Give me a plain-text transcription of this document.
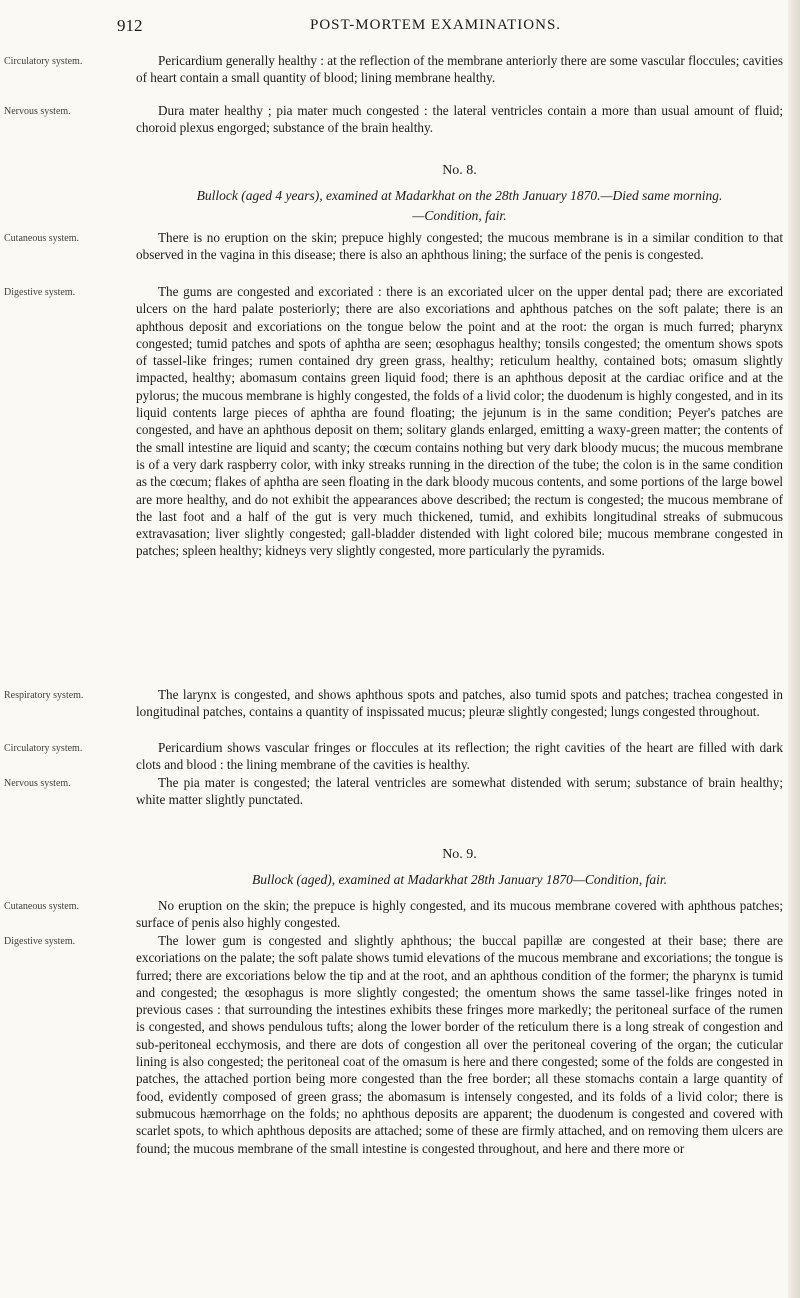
912	POST-MORTEM EXAMINATIONS.
Circulatory system.	Pericardium generally healthy : at the reflection of the membrane anteriorly there are some vascular floccules; cavities of heart contain a small quantity of blood; lining membrane healthy.

Nervous system.	Dura mater healthy ; pia mater much congested : the lateral ventricles contain a more than usual amount of fluid; choroid plexus engorged; substance of the brain healthy.

No. 8.
Bullock (aged 4 years), examined at Madarkhat on the 28th January 1870.—Died same morning.
—Condition, fair.
Cutaneous system.	There is no eruption on the skin; prepuce highly congested; the mucous membrane is in a similar condition to that observed in the vagina in this disease; there is also an aphthous lining; the surface of the penis is congested.

Digestive system.	The gums are congested and excoriated : there is an excoriated ulcer on the upper dental pad; there are excoriated ulcers on the hard palate posteriorly; there are also excoriations and aphthous patches on the soft palate; there is an aphthous deposit and excoriations on the tongue below the point and at the root: the organ is much furred; pharynx congested; tumid patches and spots of aphtha are seen; œsophagus healthy; tonsils congested; the omentum shows spots of tassel-like fringes; rumen contained dry green grass, healthy; reticulum healthy, contained bots; omasum slightly impacted, healthy; abomasum contains green liquid food; there is an aphthous deposit at the cardiac orifice and at the pylorus; the mucous membrane is highly congested, the folds of a livid color; the duodenum is highly congested, and in its liquid contents large pieces of aphtha are found floating; the jejunum is in the same condition; Peyer's patches are congested, and have an aphthous deposit on them; solitary glands enlarged, emitting a waxy-green matter; the contents of the small intestine are liquid and scanty; the cœcum contains nothing but very dark bloody mucus; the mucous membrane is of a very dark raspberry color, with inky streaks running in the direction of the tube; the colon is in the same condition as the cœcum; flakes of aphtha are seen floating in the dark bloody mucous contents, and some portions of the large bowel are more healthy, and do not exhibit the appearances above described; the rectum is congested; the mucous membrane of the last foot and a half of the gut is very much thickened, tumid, and exhibits longitudinal streaks of submucous extravasation; liver slightly congested; gall-bladder distended with light colored bile; mucous membrane congested in patches; spleen healthy; kidneys very slightly congested, more particularly the pyramids.

Respiratory system.	The larynx is congested, and shows aphthous spots and patches, also tumid spots and patches; trachea congested in longitudinal patches, contains a quantity of inspissated mucus; pleuræ slightly congested; lungs congested throughout.

Circulatory system.	Pericardium shows vascular fringes or floccules at its reflection; the right cavities of the heart are filled with dark clots and blood : the lining membrane of the cavities is healthy.

Nervous system.	The pia mater is congested; the lateral ventricles are somewhat distended with serum; substance of brain healthy; white matter slightly punctated.

No. 9.
Bullock (aged), examined at Madarkhat 28th January 1870—Condition, fair.
Cutaneous system.	No eruption on the skin; the prepuce is highly congested, and its mucous membrane covered with aphthous patches; surface of penis also highly congested.

Digestive system.	The lower gum is congested and slightly aphthous; the buccal papillæ are congested at their base; there are excoriations on the palate; the soft palate shows tumid elevations of the mucous membrane and excoriations; the tongue is furred; there are excoriations below the tip and at the root, and an aphthous condition of the former; the pharynx is tumid and congested; the œsophagus is more slightly congested; the omentum shows the same tassel-like fringes noted in previous cases : that surrounding the intestines exhibits these fringes more markedly; the peritoneal surface of the rumen is congested, and shows pendulous tufts; along the lower border of the reticulum there is a long streak of congestion and sub-peritoneal ecchymosis, and there are dots of congestion all over the peritoneal covering of the organ; the cuticular lining is also congested; the peritoneal coat of the omasum is here and there congested; some of the folds are congested in patches, the attached portion being more congested than the free border; all these stomachs contain a large quantity of food, evidently composed of green grass; the abomasum is intensely congested, and its folds of a livid color; there is submucous hæmorrhage on the folds; no aphthous deposits are apparent; the duodenum is congested and covered with scarlet spots, to which aphthous deposits are attached; some of these are firmly attached, and on removing them ulcers are found; the mucous membrane of the small intestine is congested throughout, and here and there more or
